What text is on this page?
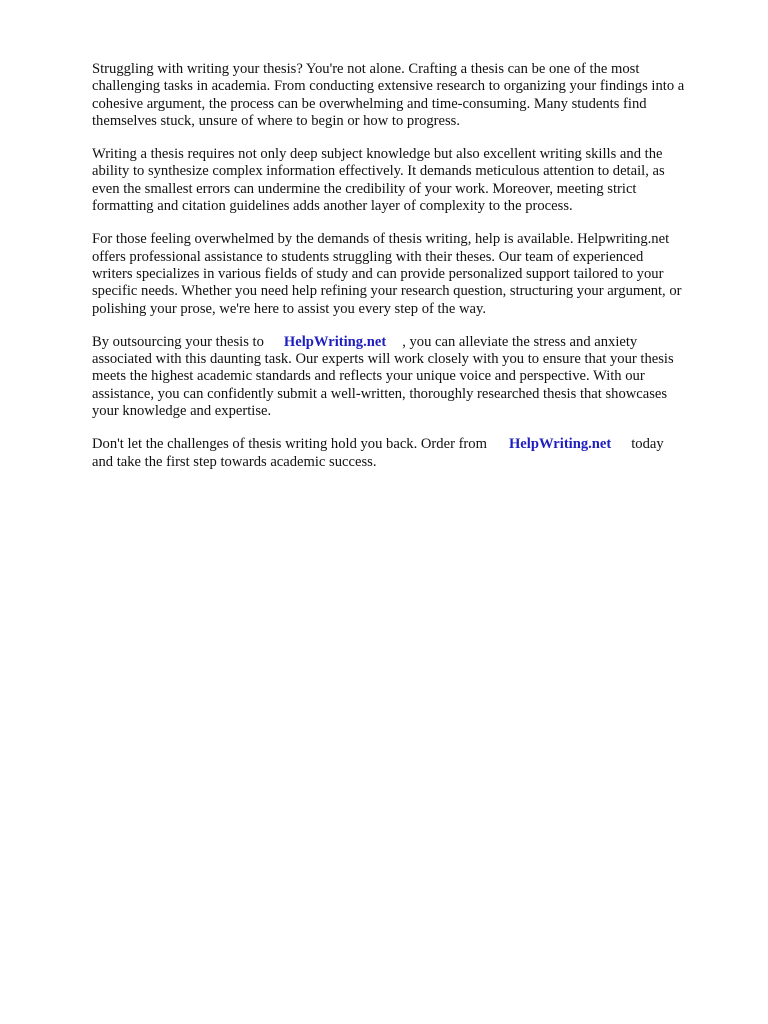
Struggling with writing your thesis? You're not alone. Crafting a thesis can be one of the most
challenging tasks in academia. From conducting extensive research to organizing your findings into a
cohesive argument, the process can be overwhelming and time-consuming. Many students find
themselves stuck, unsure of where to begin or how to progress.

Writing a thesis requires not only deep subject knowledge but also excellent writing skills and the
ability to synthesize complex information effectively. It demands meticulous attention to detail, as
even the smallest errors can undermine the credibility of your work. Moreover, meeting strict
formatting and citation guidelines adds another layer of complexity to the process.

For those feeling overwhelmed by the demands of thesis writing, help is available. Helpwriting.net
offers professional assistance to students struggling with their theses. Our team of experienced
writers specializes in various fields of study and can provide personalized support tailored to your
specific needs. Whether you need help refining your research question, structuring your argument, or
polishing your prose, we're here to assist you every step of the way.

By outsourcing your thesis to HelpWriting.net , you can alleviate the stress and anxiety
associated with this daunting task. Our experts will work closely with you to ensure that your thesis
meets the highest academic standards and reflects your unique voice and perspective. With our
assistance, you can confidently submit a well-written, thoroughly researched thesis that showcases
your knowledge and expertise.

Don't let the challenges of thesis writing hold you back. Order from HelpWriting.net today
and take the first step towards academic success.
